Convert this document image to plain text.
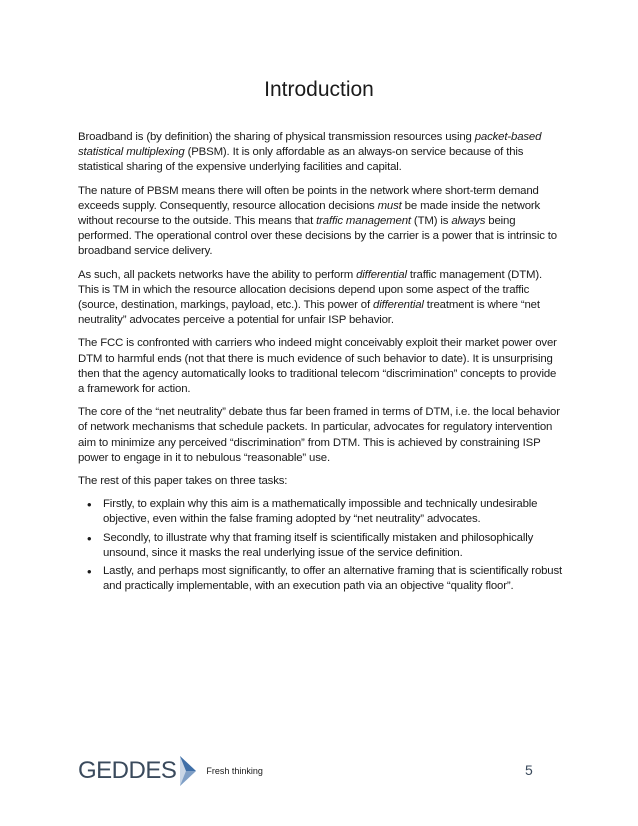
Introduction

Broadband is (by definition) the sharing of physical transmission resources using packet-based statistical multiplexing (PBSM). It is only affordable as an always-on service because of this statistical sharing of the expensive underlying facilities and capital.

The nature of PBSM means there will often be points in the network where short-term demand exceeds supply. Consequently, resource allocation decisions must be made inside the network without recourse to the outside. This means that traffic management (TM) is always being performed. The operational control over these decisions by the carrier is a power that is intrinsic to broadband service delivery.

As such, all packets networks have the ability to perform differential traffic management (DTM). This is TM in which the resource allocation decisions depend upon some aspect of the traffic (source, destination, markings, payload, etc.). This power of differential treatment is where “net neutrality” advocates perceive a potential for unfair ISP behavior.

The FCC is confronted with carriers who indeed might conceivably exploit their market power over DTM to harmful ends (not that there is much evidence of such behavior to date). It is unsurprising then that the agency automatically looks to traditional telecom “discrimination” concepts to provide a framework for action.

The core of the “net neutrality” debate thus far been framed in terms of DTM, i.e. the local behavior of network mechanisms that schedule packets. In particular, advocates for regulatory intervention aim to minimize any perceived “discrimination” from DTM. This is achieved by constraining ISP power to engage in it to nebulous “reasonable” use.

The rest of this paper takes on three tasks:

• Firstly, to explain why this aim is a mathematically impossible and technically undesirable objective, even within the false framing adopted by “net neutrality” advocates.
• Secondly, to illustrate why that framing itself is scientifically mistaken and philosophically unsound, since it masks the real underlying issue of the service definition.
• Lastly, and perhaps most significantly, to offer an alternative framing that is scientifically robust and practically implementable, with an execution path via an objective “quality floor”.
GEDDES	Fresh thinking	5
